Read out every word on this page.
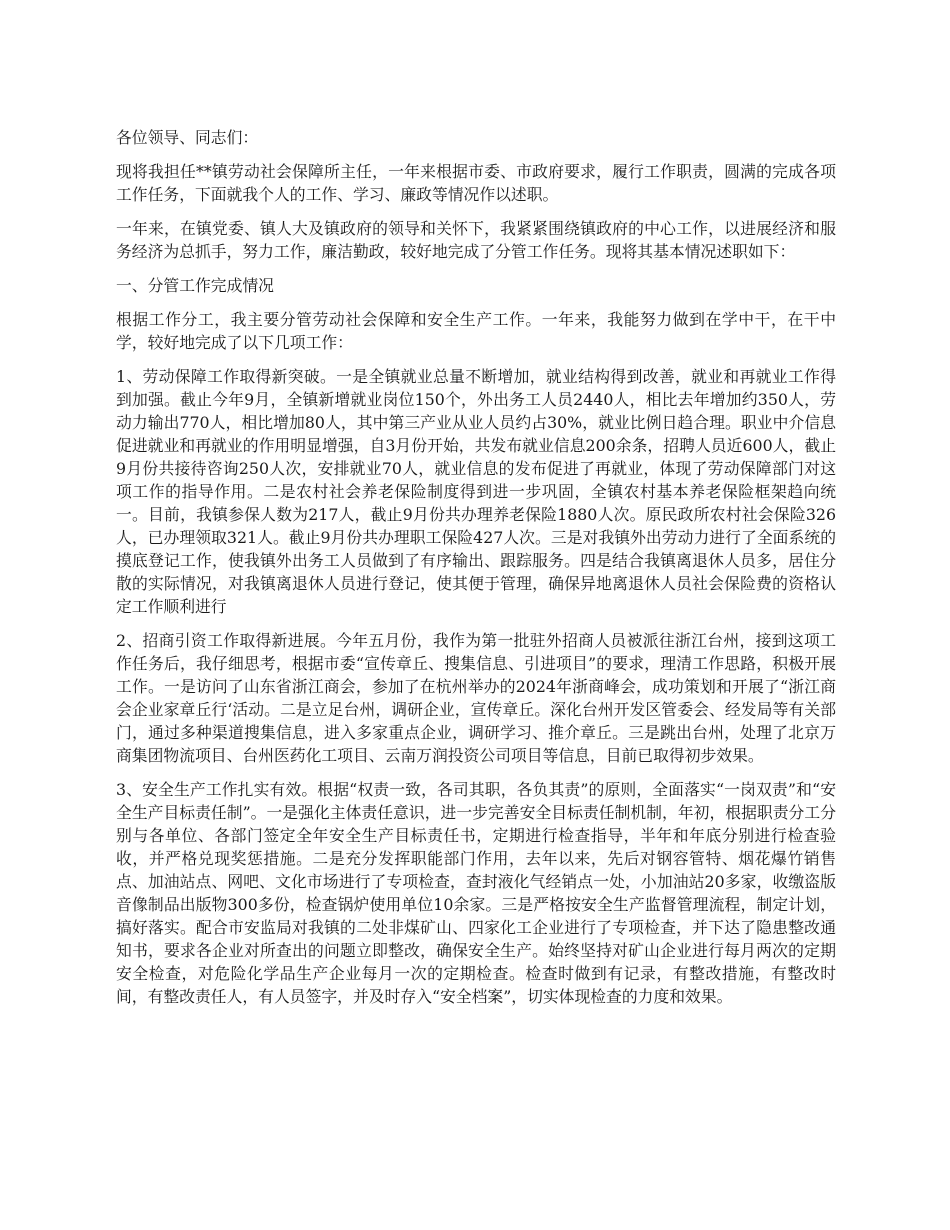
各位领导、同志们：

现将我担任**镇劳动社会保障所主任，一年来根据市委、市政府要求，履行工作职责，圆满的完成各项工作任务，下面就我个人的工作、学习、廉政等情况作以述职。

一年来，在镇党委、镇人大及镇政府的领导和关怀下，我紧紧围绕镇政府的中心工作，以进展经济和服务经济为总抓手，努力工作，廉洁勤政，较好地完成了分管工作任务。现将其基本情况述职如下：

一、分管工作完成情况

根据工作分工，我主要分管劳动社会保障和安全生产工作。一年来，我能努力做到在学中干，在干中学，较好地完成了以下几项工作：

1、劳动保障工作取得新突破。一是全镇就业总量不断增加，就业结构得到改善，就业和再就业工作得到加强。截止今年9月，全镇新增就业岗位150个，外出务工人员2440人，相比去年增加约350人，劳动力输出770人，相比增加80人，其中第三产业从业人员约占30%，就业比例日趋合理。职业中介信息促进就业和再就业的作用明显增强，自3月份开始，共发布就业信息200余条，招聘人员近600人，截止9月份共接待咨询250人次，安排就业70人，就业信息的发布促进了再就业，体现了劳动保障部门对这项工作的指导作用。二是农村社会养老保险制度得到进一步巩固，全镇农村基本养老保险框架趋向统一。目前，我镇参保人数为217人，截止9月份共办理养老保险1880人次。原民政所农村社会保险326人，已办理领取321人。截止9月份共办理职工保险427人次。三是对我镇外出劳动力进行了全面系统的摸底登记工作，使我镇外出务工人员做到了有序输出、跟踪服务。四是结合我镇离退休人员多，居住分散的实际情况，对我镇离退休人员进行登记，使其便于管理，确保异地离退休人员社会保险费的资格认定工作顺利进行

2、招商引资工作取得新进展。今年五月份，我作为第一批驻外招商人员被派往浙江台州，接到这项工作任务后，我仔细思考，根据市委“宣传章丘、搜集信息、引进项目”的要求，理清工作思路，积极开展工作。一是访问了山东省浙江商会，参加了在杭州举办的2024年浙商峰会，成功策划和开展了“浙江商会企业家章丘行‘活动。二是立足台州，调研企业，宣传章丘。深化台州开发区管委会、经发局等有关部门，通过多种渠道搜集信息，进入多家重点企业，调研学习、推介章丘。三是跳出台州，处理了北京万商集团物流项目、台州医药化工项目、云南万润投资公司项目等信息，目前已取得初步效果。

3、安全生产工作扎实有效。根据“权责一致，各司其职，各负其责”的原则，全面落实“一岗双责”和“安全生产目标责任制”。一是强化主体责任意识，进一步完善安全目标责任制机制，年初，根据职责分工分别与各单位、各部门签定全年安全生产目标责任书，定期进行检查指导，半年和年底分别进行检查验收，并严格兑现奖惩措施。二是充分发挥职能部门作用，去年以来，先后对钢容管特、烟花爆竹销售点、加油站点、网吧、文化市场进行了专项检查，查封液化气经销点一处，小加油站20多家，收缴盗版音像制品出版物300多份，检查锅炉使用单位10余家。三是严格按安全生产监督管理流程，制定计划，搞好落实。配合市安监局对我镇的二处非煤矿山、四家化工企业进行了专项检查，并下达了隐患整改通知书，要求各企业对所查出的问题立即整改，确保安全生产。始终坚持对矿山企业进行每月两次的定期安全检查，对危险化学品生产企业每月一次的定期检查。检查时做到有记录，有整改措施，有整改时间，有整改责任人，有人员签字，并及时存入“安全档案”，切实体现检查的力度和效果。
